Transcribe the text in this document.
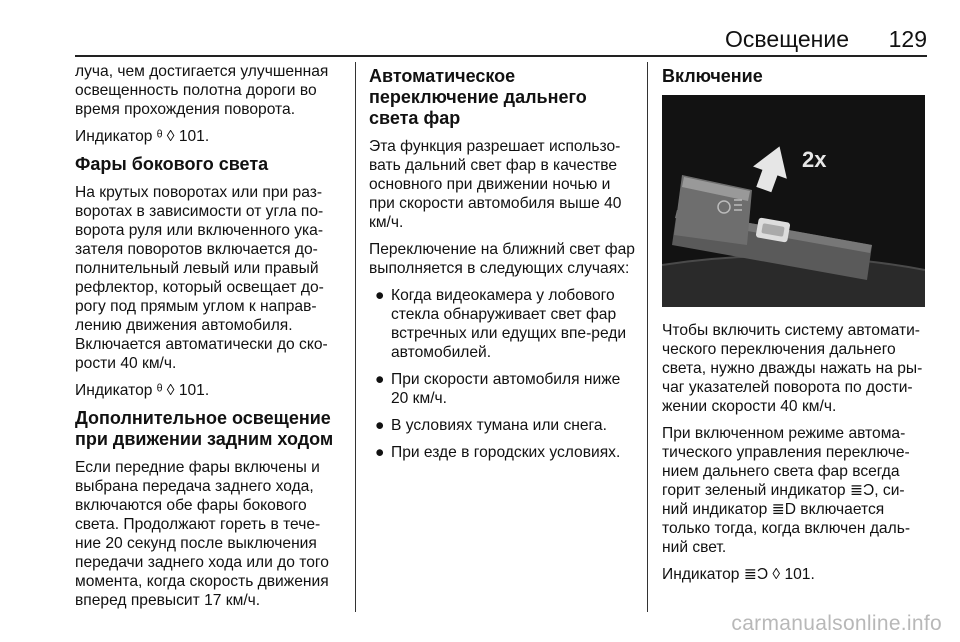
Освещение 129

луча, чем достигается улучшенная освещенность полотна дороги во время прохождения поворота.

Индикатор ᶿ ◊ 101.

Фары бокового света

На крутых поворотах или при раз-воротах в зависимости от угла по-ворота руля или включенного ука-зателя поворотов включается до-полнительный левый или правый рефлектор, который освещает до-рогу под прямым углом к направ-лению движения автомобиля. Включается автоматически до ско-рости 40 км/ч.

Индикатор ᶿ ◊ 101.

Дополнительное освещение при движении задним ходом

Если передние фары включены и выбрана передача заднего хода, включаются обе фары бокового света. Продолжают гореть в тече-ние 20 секунд после выключения передачи заднего хода или до того момента, когда скорость движения вперед превысит 17 км/ч.

Автоматическое переключение дальнего света фар

Эта функция разрешает использо-вать дальний свет фар в качестве основного при движении ночью и при скорости автомобиля выше 40 км/ч.

Переключение на ближний свет фар выполняется в следующих случаях:

● Когда видеокамера у лобового стекла обнаруживает свет фар встречных или едущих впе-реди автомобилей.
● При скорости автомобиля ниже 20 км/ч.
● В условиях тумана или снега.
● При езде в городских условиях.
Включение
2x

Чтобы включить систему автомати-ческого переключения дальнего света, нужно дважды нажать на ры-чаг указателей поворота по дости-жении скорости 40 км/ч.

При включенном режиме автома-тического управления переключе-нием дальнего света фар всегда горит зеленый индикатор ≣Ɔ, си-ний индикатор ≣D включается только тогда, когда включен даль-ний свет.

Индикатор ≣Ɔ ◊ 101.

carmanualsonline.info
